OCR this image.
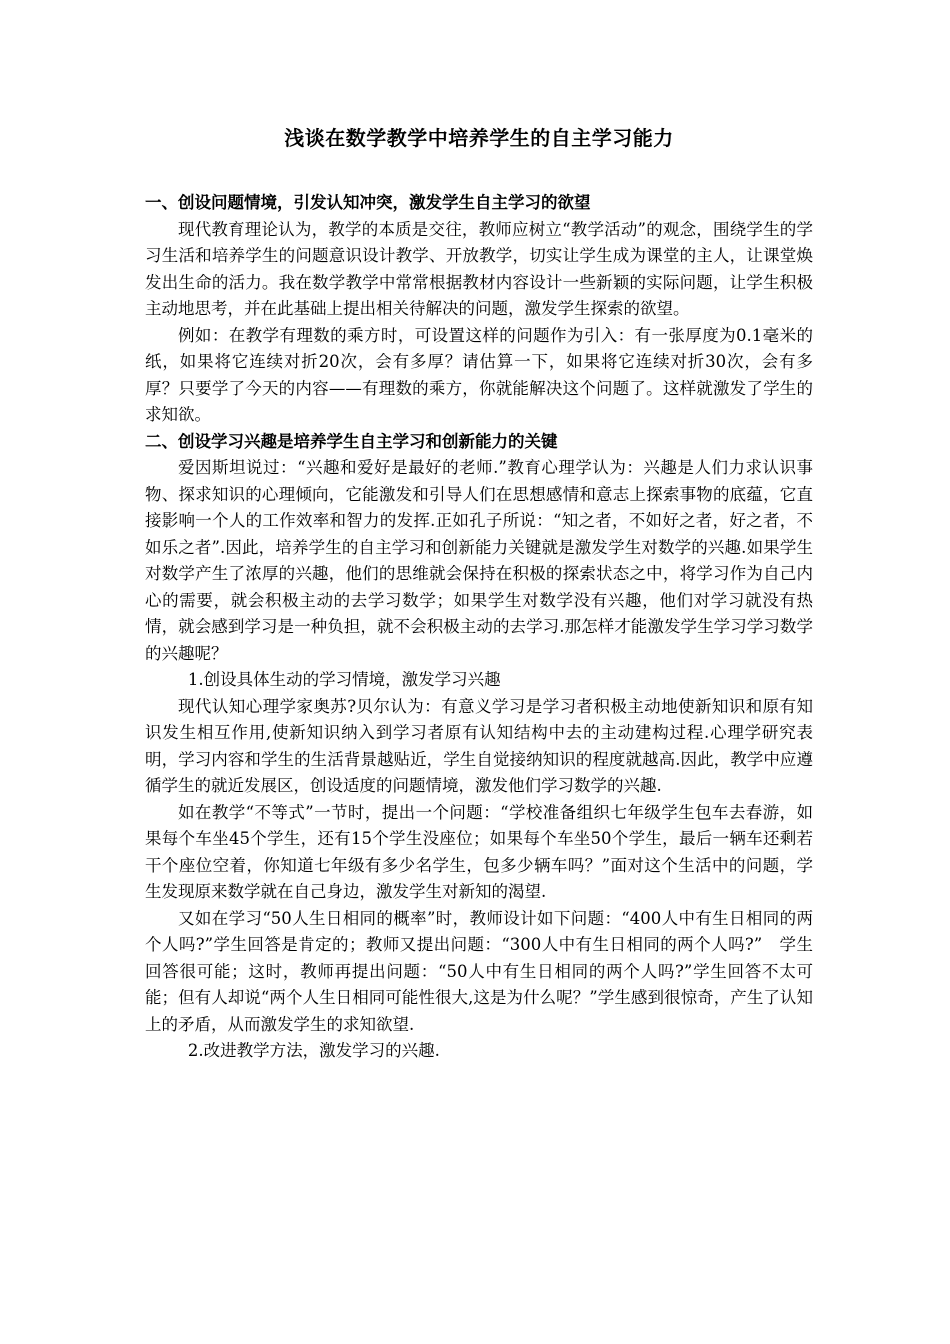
浅谈在数学教学中培养学生的自主学习能力

一、创设问题情境，引发认知冲突，激发学生自主学习的欲望

现代教育理论认为，教学的本质是交往，教师应树立“教学活动”的观念，围绕学生的学习生活和培养学生的问题意识设计教学、开放教学，切实让学生成为课堂的主人，让课堂焕发出生命的活力。我在数学教学中常常根据教材内容设计一些新颖的实际问题，让学生积极主动地思考，并在此基础上提出相关待解决的问题，激发学生探索的欲望。

例如：在教学有理数的乘方时，可设置这样的问题作为引入：有一张厚度为0.1毫米的纸，如果将它连续对折20次，会有多厚？请估算一下，如果将它连续对折30次，会有多厚？只要学了今天的内容——有理数的乘方，你就能解决这个问题了。这样就激发了学生的求知欲。

二、创设学习兴趣是培养学生自主学习和创新能力的关键

爱因斯坦说过：“兴趣和爱好是最好的老师.”教育心理学认为：兴趣是人们力求认识事物、探求知识的心理倾向，它能激发和引导人们在思想感情和意志上探索事物的底蕴，它直接影响一个人的工作效率和智力的发挥.正如孔子所说：“知之者，不如好之者，好之者，不如乐之者”.因此，培养学生的自主学习和创新能力关键就是激发学生对数学的兴趣.如果学生对数学产生了浓厚的兴趣，他们的思维就会保持在积极的探索状态之中，将学习作为自己内心的需要，就会积极主动的去学习数学；如果学生对数学没有兴趣，他们对学习就没有热情，就会感到学习是一种负担，就不会积极主动的去学习.那怎样才能激发学生学习学习数学的兴趣呢？

1.创设具体生动的学习情境，激发学习兴趣

现代认知心理学家奥苏?贝尔认为：有意义学习是学习者积极主动地使新知识和原有知识发生相互作用,使新知识纳入到学习者原有认知结构中去的主动建构过程.心理学研究表明，学习内容和学生的生活背景越贴近，学生自觉接纳知识的程度就越高.因此，教学中应遵循学生的就近发展区，创设适度的问题情境，激发他们学习数学的兴趣.

如在教学“不等式”一节时，提出一个问题：“学校准备组织七年级学生包车去春游，如果每个车坐45个学生，还有15个学生没座位；如果每个车坐50个学生，最后一辆车还剩若干个座位空着，你知道七年级有多少名学生，包多少辆车吗？”面对这个生活中的问题，学生发现原来数学就在自己身边，激发学生对新知的渴望.

又如在学习“50人生日相同的概率”时，教师设计如下问题：“400人中有生日相同的两个人吗?”学生回答是肯定的；教师又提出问题：“300人中有生日相同的两个人吗?”　学生回答很可能；这时，教师再提出问题：“50人中有生日相同的两个人吗?”学生回答不太可能；但有人却说“两个人生日相同可能性很大,这是为什么呢？”学生感到很惊奇，产生了认知上的矛盾，从而激发学生的求知欲望.

2.改进教学方法，激发学习的兴趣.
